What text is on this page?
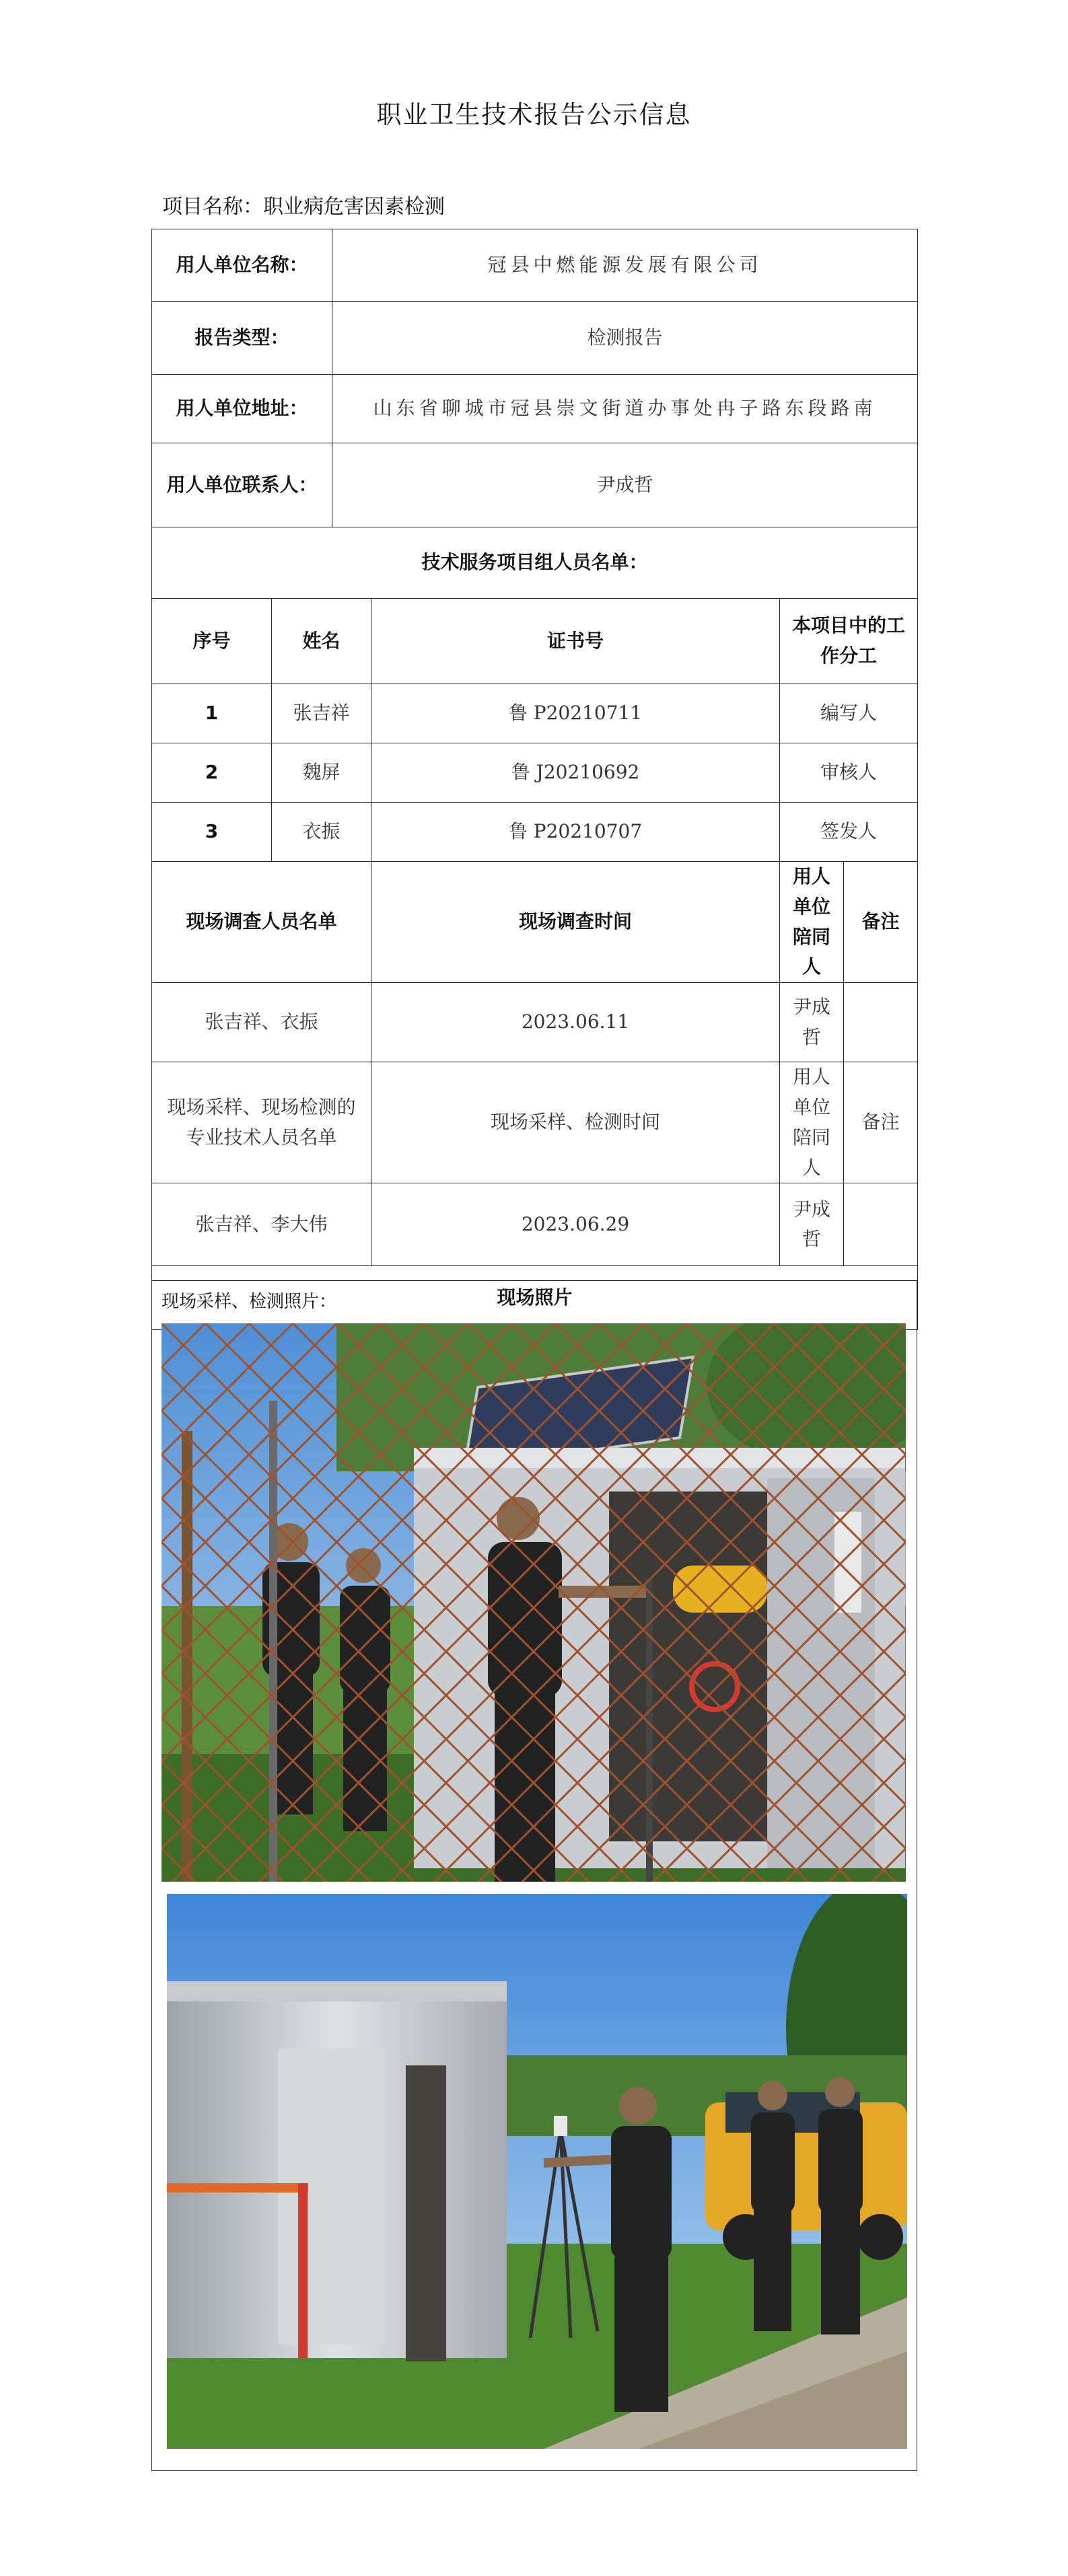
职业卫生技术报告公示信息
项目名称：职业病危害因素检测
用人单位名称：		冠县中燃能源发展有限公司			
报告类型：		检测报告			
用人单位地址：		山东省聊城市冠县崇文街道办事处冉子路东段路南			
用人单位联系人：		尹成哲			
技术服务项目组人员名单：					
序号	姓名		证书号	本项目中的工作分工	
1	张吉祥		鲁 P20210711	编写人	
2	魏屏		鲁 J20210692	审核人	
3	衣振		鲁 P20210707	签发人	
现场调查人员名单			现场调查时间	用人单位陪同人	备注
张吉祥、衣振			2023.06.11	尹成哲	
现场采样、现场检测的专业技术人员名单			现场采样、检测时间	用人单位陪同人	备注
张吉祥、李大伟			2023.06.29	尹成哲	
现场照片					
现场采样、检测照片：
